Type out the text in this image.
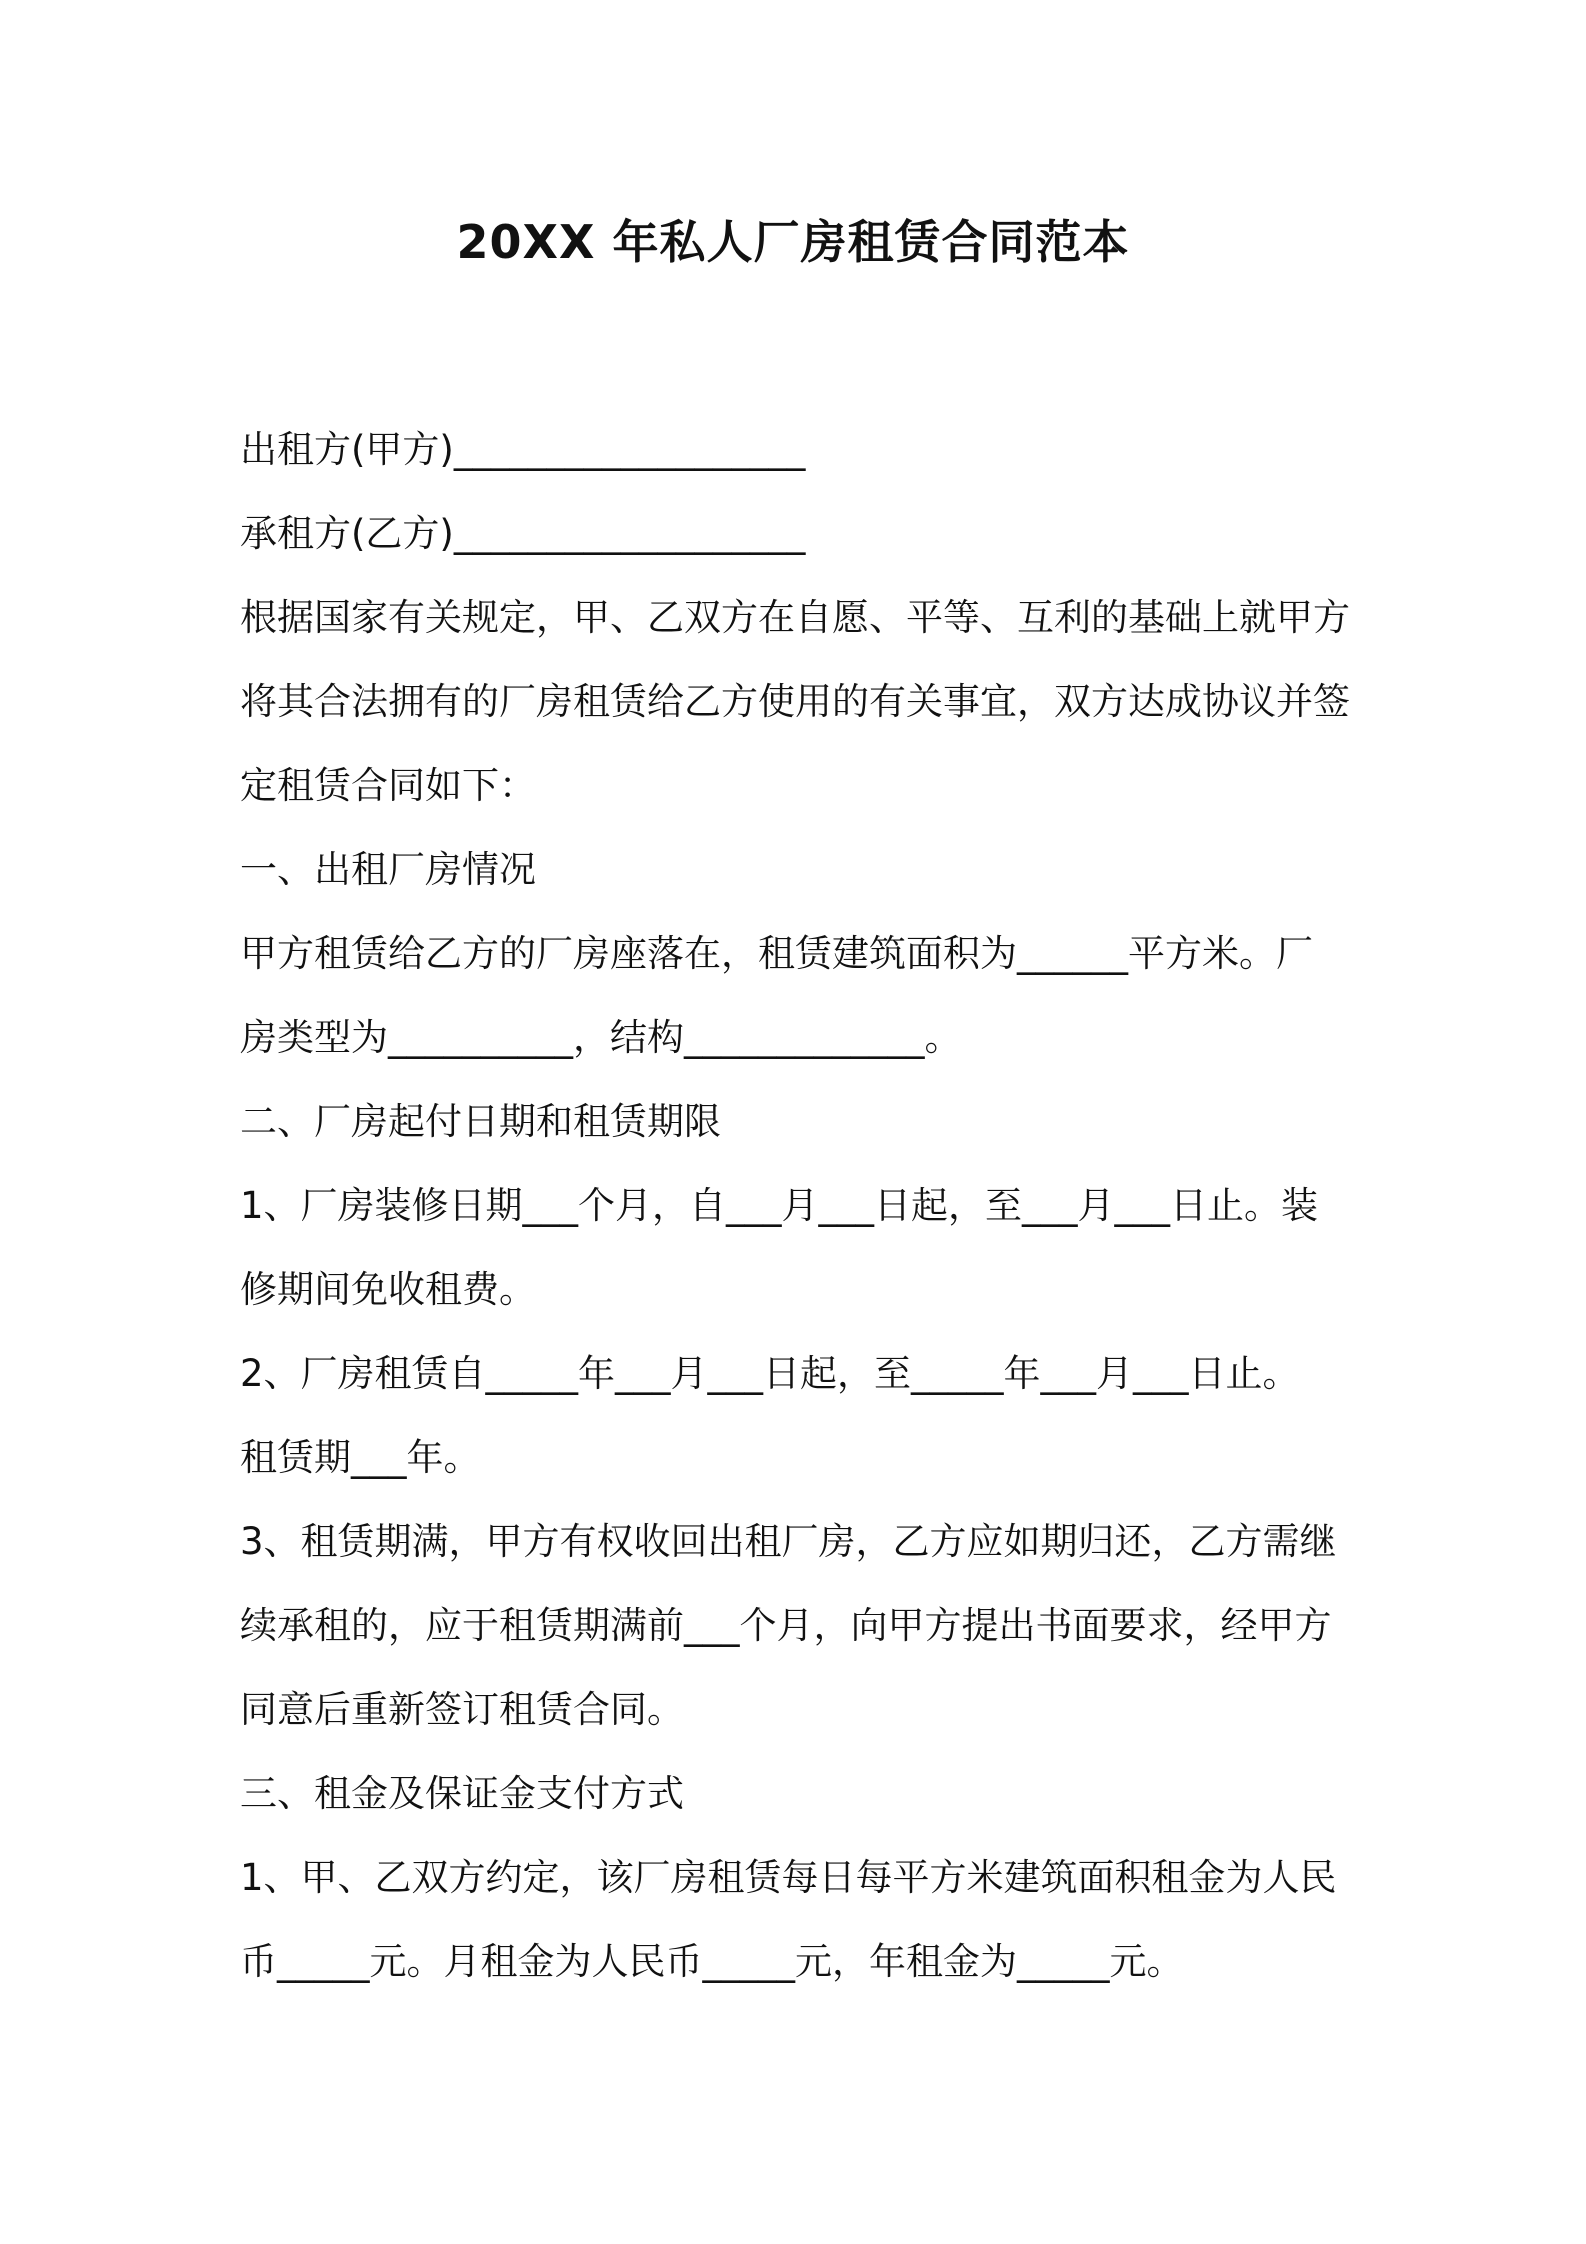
20XX 年私人厂房租赁合同范本

出租方(甲方)___________________

承租方(乙方)___________________

根据国家有关规定，甲、乙双方在自愿、平等、互利的基础上就甲方

将其合法拥有的厂房租赁给乙方使用的有关事宜，双方达成协议并签

定租赁合同如下：

一、出租厂房情况

甲方租赁给乙方的厂房座落在，租赁建筑面积为______平方米。厂

房类型为__________，结构_____________。

二、厂房起付日期和租赁期限

1、厂房装修日期___个月，自___月___日起，至___月___日止。装

修期间免收租费。

2、厂房租赁自_____年___月___日起，至_____年___月___日止。

租赁期___年。

3、租赁期满，甲方有权收回出租厂房，乙方应如期归还，乙方需继

续承租的，应于租赁期满前___个月，向甲方提出书面要求，经甲方

同意后重新签订租赁合同。

三、租金及保证金支付方式

1、甲、乙双方约定，该厂房租赁每日每平方米建筑面积租金为人民

币_____元。月租金为人民币_____元，年租金为_____元。
